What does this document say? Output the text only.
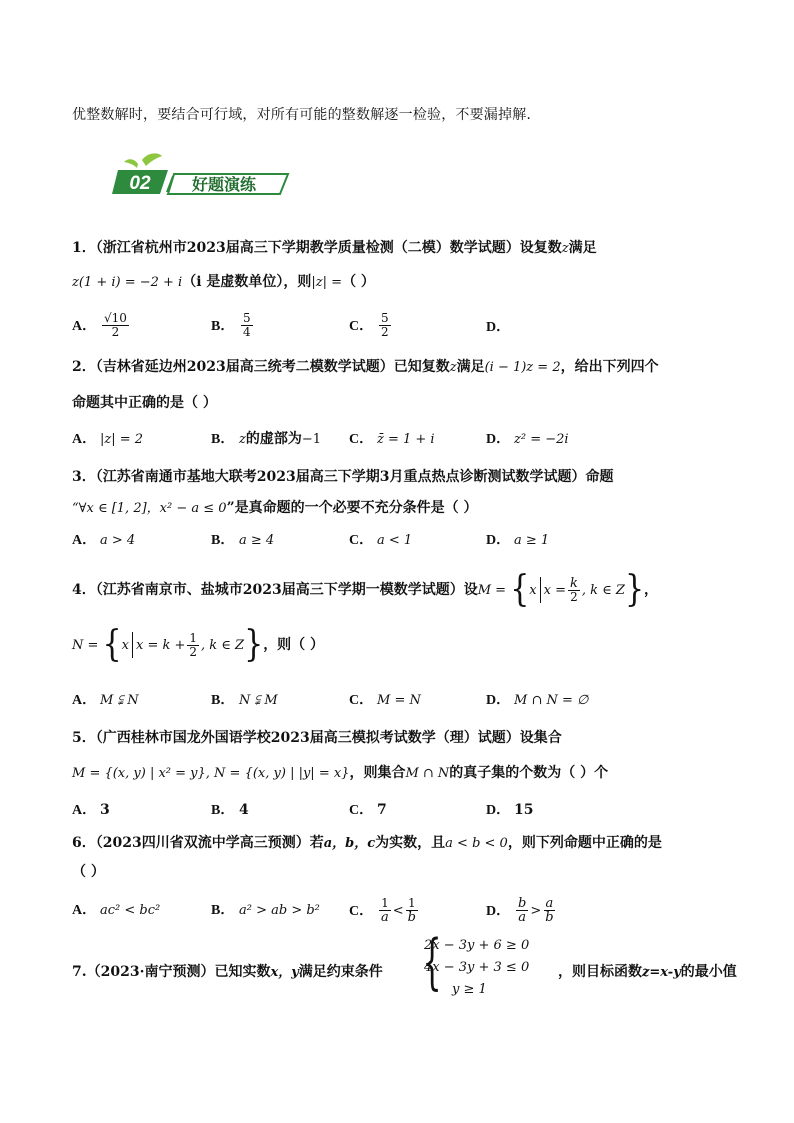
优整数解时，要结合可行域，对所有可能的整数解逐一检验，不要漏掉解.
02	好题演练
1．（浙江省杭州市2023届高三下学期教学质量检测（二模）数学试题）设复数z满足
z(1 + i) = −2 + i（i 是虚数单位），则|z| =（ ）
A． $\frac{√10}{2}$	B． $\frac{5}{4}$	C． $\frac{5}{2}$	D．
2．（吉林省延边州2023届高三统考二模数学试题）已知复数z满足(i − 1)z = 2，给出下列四个
命题其中正确的是（ ）
A． |z| = 2	B． z的虚部为−1 C． z̄ = 1 + i	D． z² = −2i
3．（江苏省南通市基地大联考2023届高三下学期3月重点热点诊断测试数学试题）命题
“∀x ∈ [1, 2]，x² − a ≤ 0”是真命题的一个必要不充分条件是（ ）
A． a > 4	B． a ≥ 4	C． a < 1	D． a ≥ 1
4．（江苏省南京市、盐城市2023届高三下学期一模数学试题）设M = {x $x = \frac{k}{2}$ , k ∈ Z}，
N = {x $x = k + \frac{1}{2}$ , k ∈ Z}，则（ ）
A． M ⫋ N	B． N ⫋ M	C． M = N	D． M ∩ N = ∅
5．（广西桂林市国龙外国语学校2023届高三模拟考试数学（理）试题）设集合
M = {(x, y) | x² = y}, N = {(x, y) | |y| = x}，则集合M ∩ N的真子集的个数为（ ）个
A． 3	B． 4	C． 7	D． 15
6．（2023四川省双流中学高三预测）若a，b，c为实数，且a < b < 0，则下列命题中正确的是
（ ）
A． ac² < bc²	B． a² > ab > b² C． $\frac{1}{a} < \frac{1}{b}$	D． $\frac{b}{a} > \frac{a}{b}$
7.（2023·南宁预测）已知实数x，y满足约束条件 {
2x − 3y + 6 ≥ 0
4x − 3y + 3 ≤ 0
y ≥ 1
，则目标函数z=x-y的最小值
